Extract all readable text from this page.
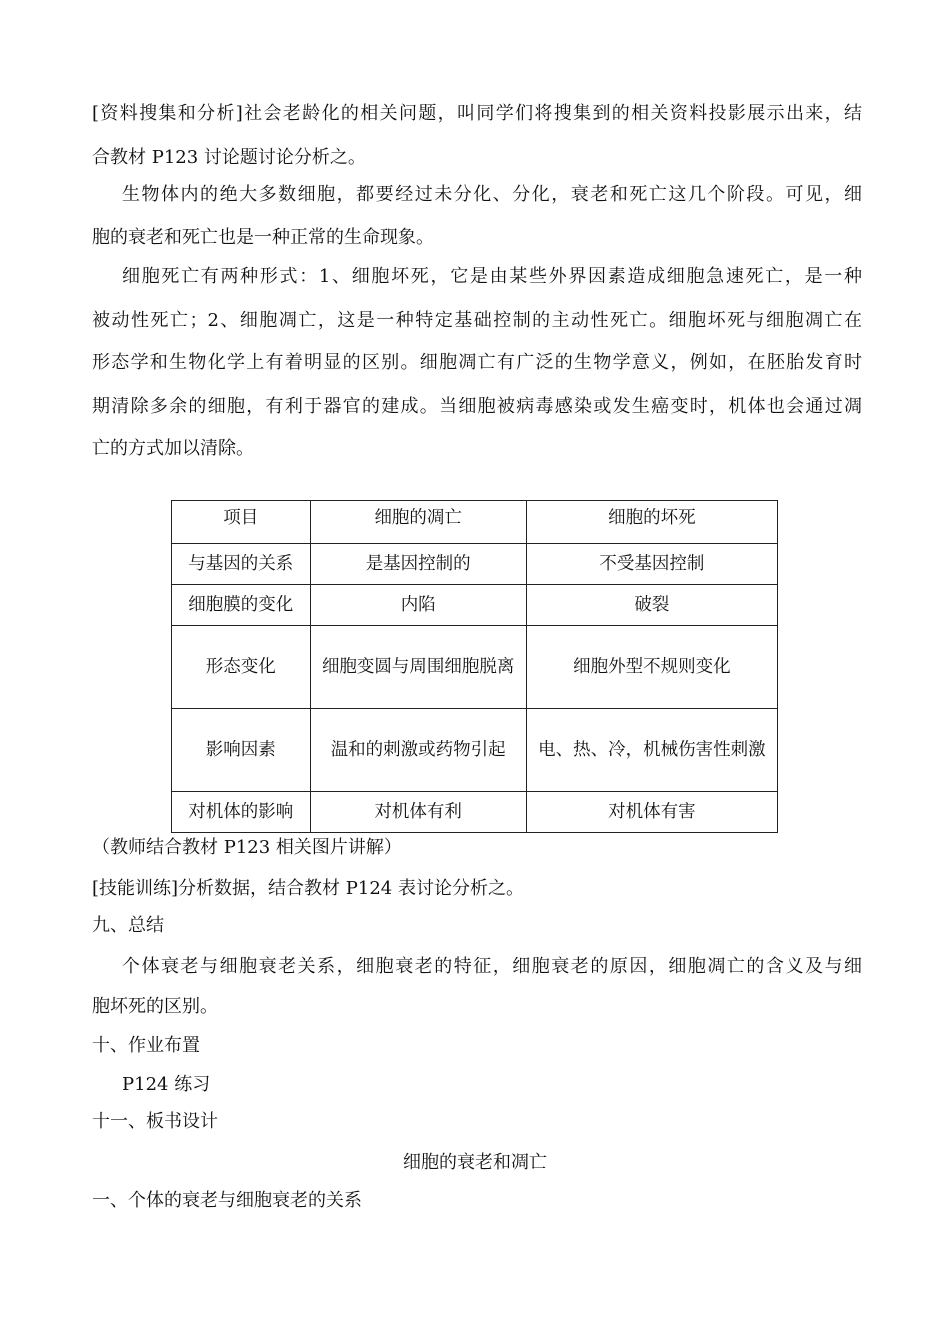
[资料搜集和分析]社会老龄化的相关问题，叫同学们将搜集到的相关资料投影展示出来，结
合教材 P123 讨论题讨论分析之。
生物体内的绝大多数细胞，都要经过未分化、分化，衰老和死亡这几个阶段。可见，细
胞的衰老和死亡也是一种正常的生命现象。
细胞死亡有两种形式：1、细胞坏死，它是由某些外界因素造成细胞急速死亡，是一种
被动性死亡；2、细胞凋亡，这是一种特定基础控制的主动性死亡。细胞坏死与细胞凋亡在
形态学和生物化学上有着明显的区别。细胞凋亡有广泛的生物学意义，例如，在胚胎发育时
期清除多余的细胞，有利于器官的建成。当细胞被病毒感染或发生癌变时，机体也会通过凋
亡的方式加以清除。
项目	细胞的凋亡	细胞的坏死
与基因的关系	是基因控制的	不受基因控制
细胞膜的变化	内陷	破裂
形态变化	细胞变圆与周围细胞脱离	细胞外型不规则变化
影响因素	温和的刺激或药物引起	电、热、冷，机械伤害性刺激
对机体的影响	对机体有利	对机体有害
（教师结合教材 P123 相关图片讲解）
[技能训练]分析数据，结合教材 P124 表讨论分析之。
九、总结
个体衰老与细胞衰老关系，细胞衰老的特征，细胞衰老的原因，细胞凋亡的含义及与细
胞坏死的区别。
十、作业布置
P124 练习
十一、板书设计
细胞的衰老和凋亡
一、个体的衰老与细胞衰老的关系
